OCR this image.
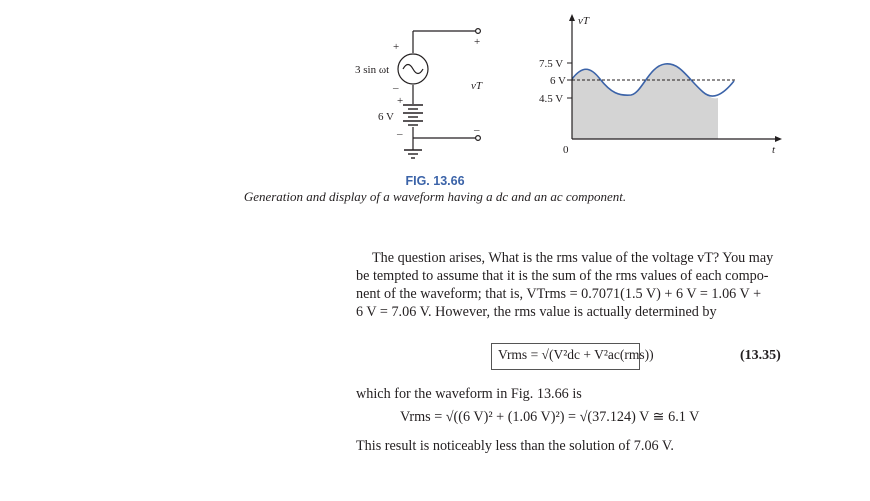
+
–
+
–
3 sin ωt
6 V
+
–
vT
7.5 V
6 V
4.5 V
0	t
vT
FIG. 13.66
Generation and display of a waveform having a dc and an ac component.
The question arises, What is the rms value of the voltage vT? You may
be tempted to assume that it is the sum of the rms values of each compo-
nent of the waveform; that is, VTrms = 0.7071(1.5 V) + 6 V = 1.06 V +
6 V = 7.06 V. However, the rms value is actually determined by
Vrms = √(V²dc + V²ac(rms))	(13.35)
which for the waveform in Fig. 13.66 is
Vrms = √((6 V)² + (1.06 V)²) = √(37.124) V ≅ 6.1 V
This result is noticeably less than the solution of 7.06 V.
